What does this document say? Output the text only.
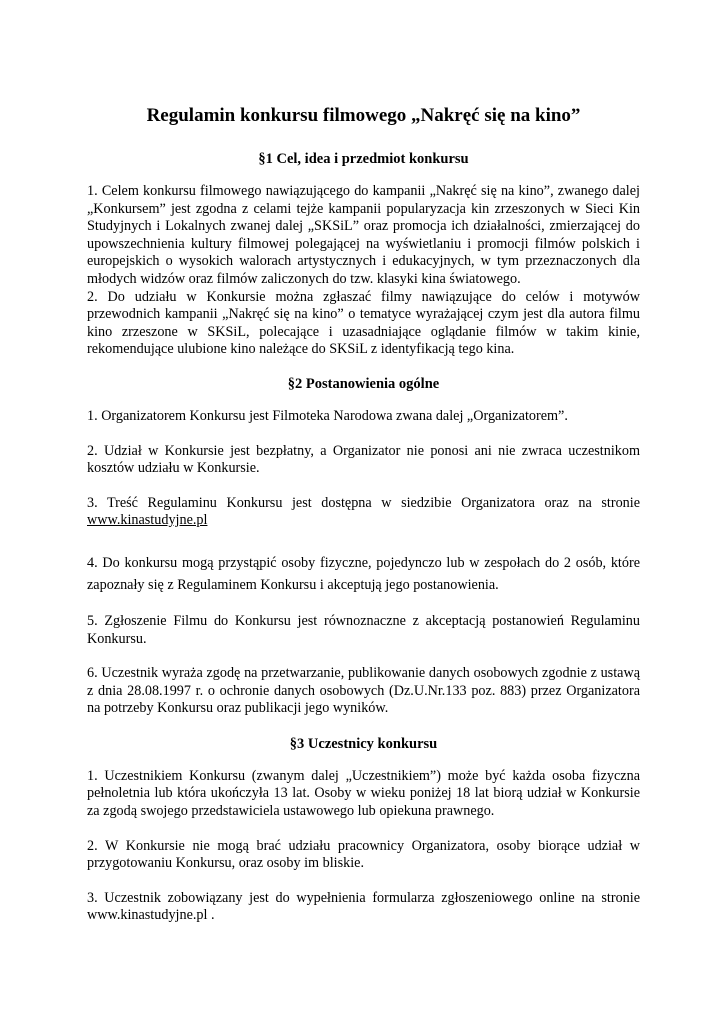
Regulamin konkursu filmowego „Nakręć się na kino”
§1 Cel, idea i przedmiot konkursu

1. Celem konkursu filmowego nawiązującego do kampanii „Nakręć się na kino”, zwanego dalej „Konkursem” jest zgodna z celami tejże kampanii popularyzacja kin zrzeszonych w Sieci Kin Studyjnych i Lokalnych zwanej dalej „SKSiL” oraz promocja ich działalności, zmierzającej do upowszechnienia kultury filmowej polegającej na wyświetlaniu i promocji filmów polskich i europejskich o wysokich walorach artystycznych i edukacyjnych, w tym przeznaczonych dla młodych widzów oraz filmów zaliczonych do tzw. klasyki kina światowego.

2. Do udziału w Konkursie można zgłaszać filmy nawiązujące do celów i motywów przewodnich kampanii „Nakręć się na kino” o tematyce wyrażającej czym jest dla autora filmu kino zrzeszone w SKSiL, polecające i uzasadniające oglądanie filmów w takim kinie, rekomendujące ulubione kino należące do SKSiL z identyfikacją tego kina.

§2 Postanowienia ogólne

1. Organizatorem Konkursu jest Filmoteka Narodowa zwana dalej „Organizatorem”.

2. Udział w Konkursie jest bezpłatny, a Organizator nie ponosi ani nie zwraca uczestnikom kosztów udziału w Konkursie.

3. Treść Regulaminu Konkursu jest dostępna w siedzibie Organizatora oraz na stronie www.kinastudyjne.pl

4. Do konkursu mogą przystąpić osoby fizyczne, pojedynczo lub w zespołach do 2 osób, które zapoznały się z Regulaminem Konkursu i akceptują jego postanowienia.

5. Zgłoszenie Filmu do Konkursu jest równoznaczne z akceptacją postanowień Regulaminu Konkursu.

6. Uczestnik wyraża zgodę na przetwarzanie, publikowanie danych osobowych zgodnie z ustawą z dnia 28.08.1997 r. o ochronie danych osobowych (Dz.U.Nr.133 poz. 883) przez Organizatora na potrzeby Konkursu oraz publikacji jego wyników.

§3 Uczestnicy konkursu

1. Uczestnikiem Konkursu (zwanym dalej „Uczestnikiem”) może być każda osoba fizyczna pełnoletnia lub która ukończyła 13 lat. Osoby w wieku poniżej 18 lat biorą udział w Konkursie za zgodą swojego przedstawiciela ustawowego lub opiekuna prawnego.

2. W Konkursie nie mogą brać udziału pracownicy Organizatora, osoby biorące udział w przygotowaniu Konkursu, oraz osoby im bliskie.

3. Uczestnik zobowiązany jest do wypełnienia formularza zgłoszeniowego online na stronie www.kinastudyjne.pl .
